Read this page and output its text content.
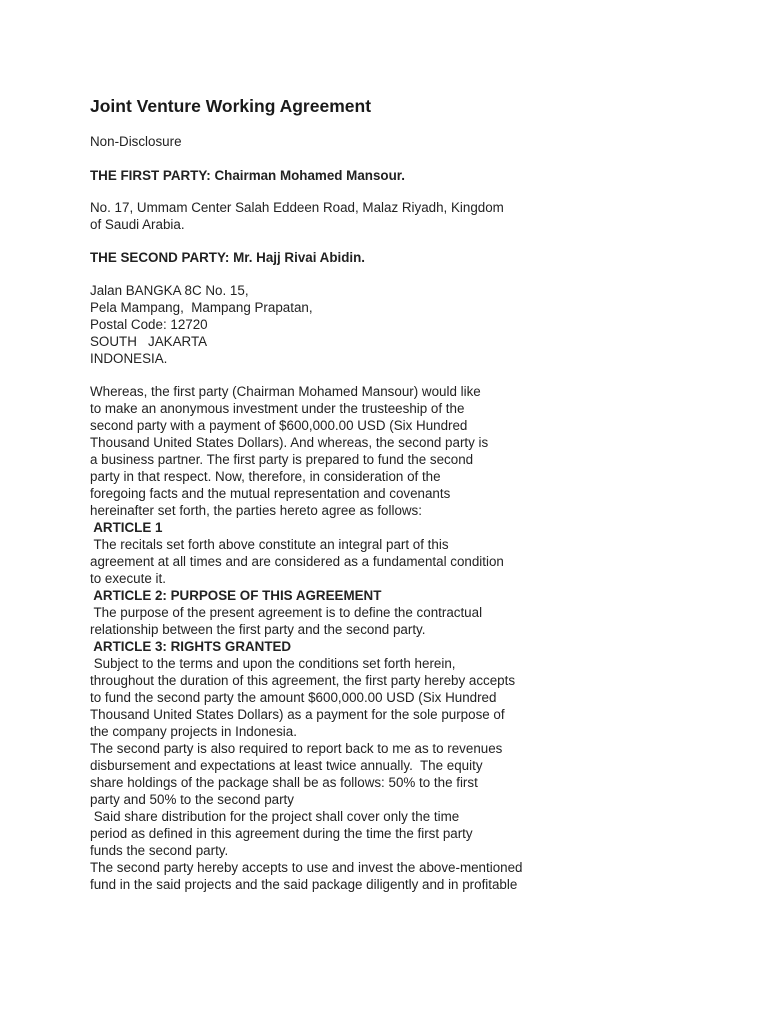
Joint Venture Working Agreement
Non-Disclosure
THE FIRST PARTY: Chairman Mohamed Mansour.
No. 17, Ummam Center Salah Eddeen Road, Malaz Riyadh, Kingdom
of Saudi Arabia.
THE SECOND PARTY: Mr. Hajj Rivai Abidin.
Jalan BANGKA 8C No. 15,
Pela Mampang,  Mampang Prapatan,
Postal Code: 12720
SOUTH   JAKARTA
INDONESIA.
Whereas, the first party (Chairman Mohamed Mansour) would like
to make an anonymous investment under the trusteeship of the
second party with a payment of $600,000.00 USD (Six Hundred
Thousand United States Dollars). And whereas, the second party is
a business partner. The first party is prepared to fund the second
party in that respect. Now, therefore, in consideration of the
foregoing facts and the mutual representation and covenants
hereinafter set forth, the parties hereto agree as follows:
ARTICLE 1
The recitals set forth above constitute an integral part of this
agreement at all times and are considered as a fundamental condition
to execute it.
ARTICLE 2: PURPOSE OF THIS AGREEMENT
The purpose of the present agreement is to define the contractual
relationship between the first party and the second party.
ARTICLE 3: RIGHTS GRANTED
Subject to the terms and upon the conditions set forth herein,
throughout the duration of this agreement, the first party hereby accepts
to fund the second party the amount $600,000.00 USD (Six Hundred
Thousand United States Dollars) as a payment for the sole purpose of
the company projects in Indonesia.
The second party is also required to report back to me as to revenues
disbursement and expectations at least twice annually.  The equity
share holdings of the package shall be as follows: 50% to the first
party and 50% to the second party
Said share distribution for the project shall cover only the time
period as defined in this agreement during the time the first party
funds the second party.
The second party hereby accepts to use and invest the above-mentioned
fund in the said projects and the said package diligently and in profitable
